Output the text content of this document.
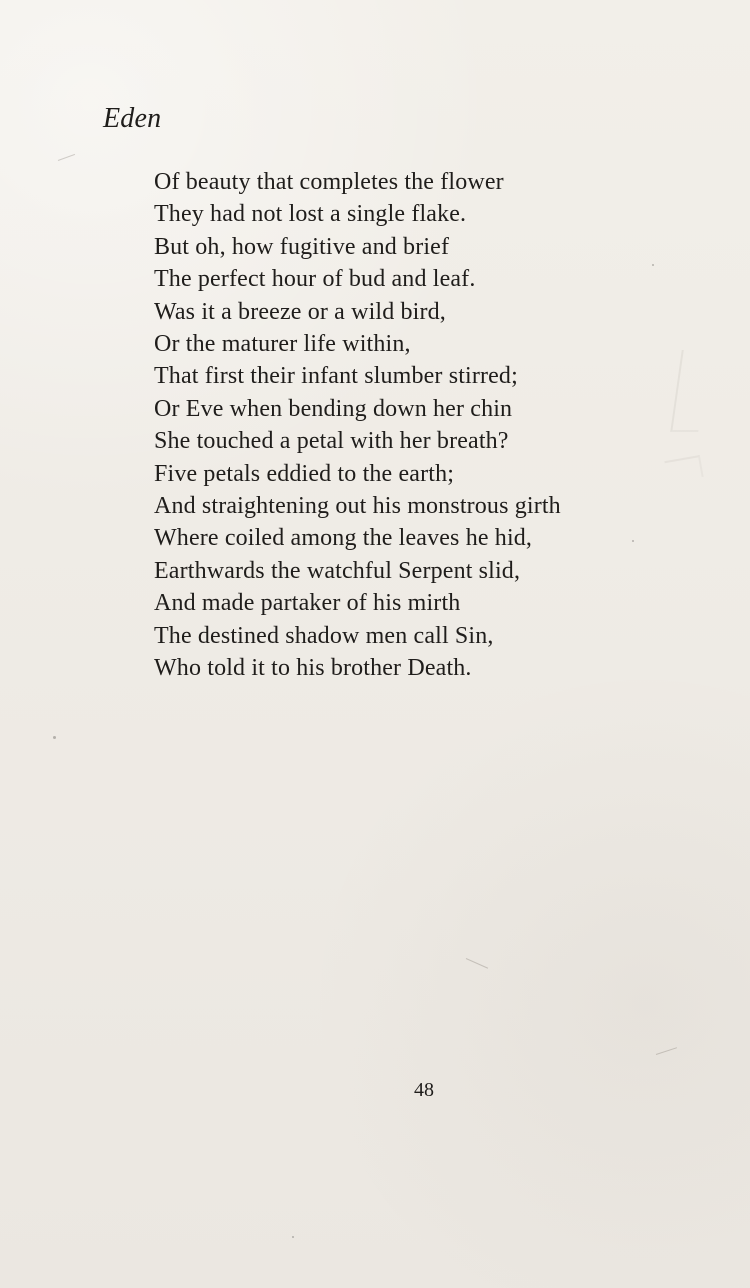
Eden
Of beauty that completes the flower
They had not lost a single flake.
But oh, how fugitive and brief
The perfect hour of bud and leaf.
Was it a breeze or a wild bird,
Or the maturer life within,
That first their infant slumber stirred;
Or Eve when bending down her chin
She touched a petal with her breath?
Five petals eddied to the earth;
And straightening out his monstrous girth
Where coiled among the leaves he hid,
Earthwards the watchful Serpent slid,
And made partaker of his mirth
The destined shadow men call Sin,
Who told it to his brother Death.
48
